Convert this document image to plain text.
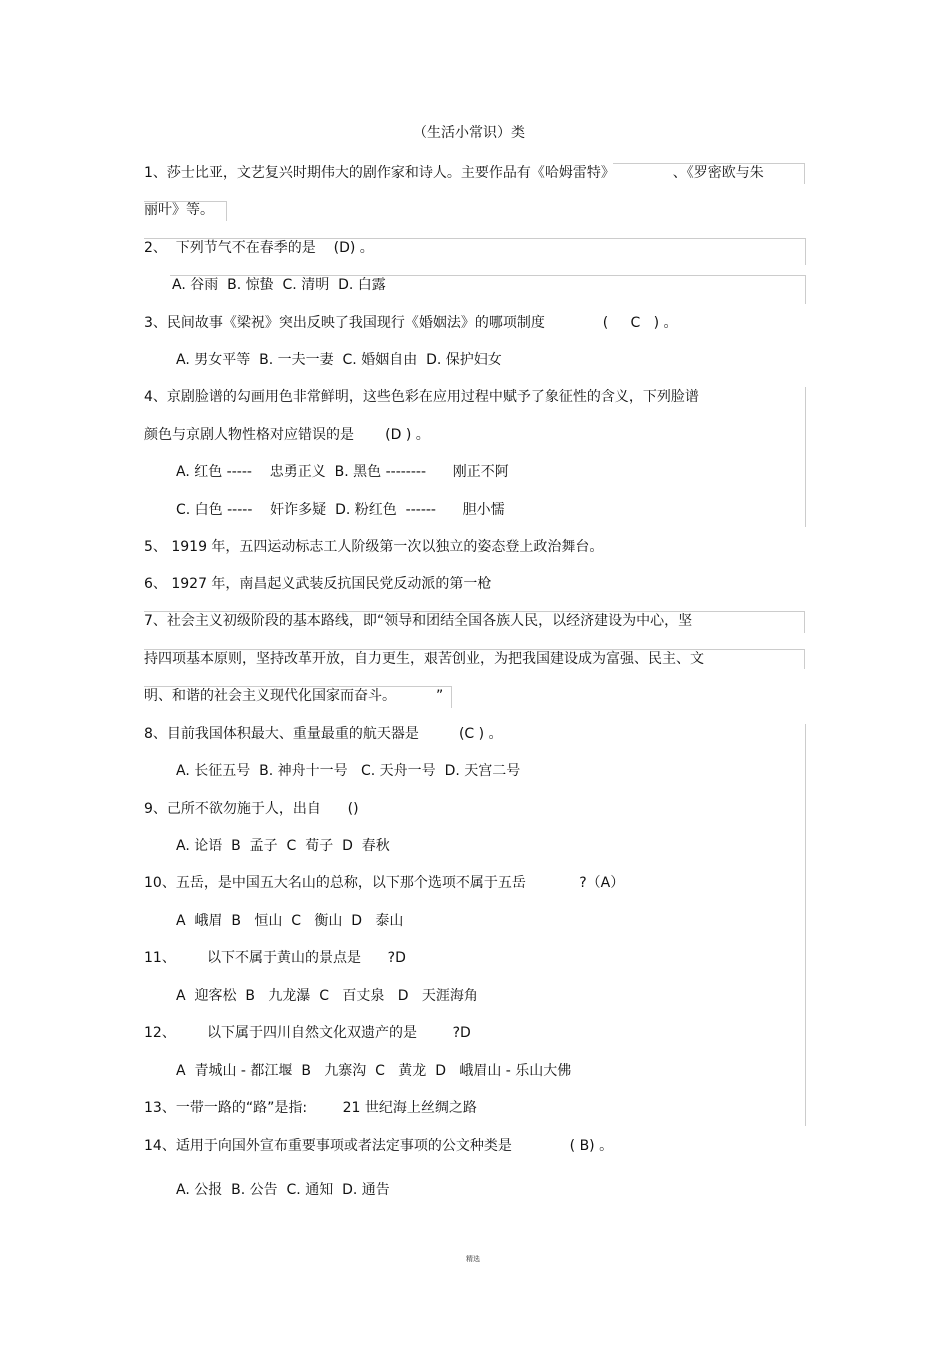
（生活小常识）类
1、莎士比亚，文艺复兴时期伟大的剧作家和诗人。主要作品有《哈姆雷特》             、《罗密欧与朱
丽叶》等。
2、  下列节气不在春季的是    (D) 。
A. 谷雨  B. 惊蛰  C. 清明  D. 白露
3、民间故事《梁祝》突出反映了我国现行《婚姻法》的哪项制度             (     C   ) 。
A. 男女平等  B. 一夫一妻  C. 婚姻自由  D. 保护妇女
4、京剧脸谱的勾画用色非常鲜明，这些色彩在应用过程中赋予了象征性的含义，下列脸谱
颜色与京剧人物性格对应错误的是       (D ) 。
A. 红色 -----    忠勇正义  B. 黑色 --------      刚正不阿
C. 白色 -----    奸诈多疑  D. 粉红色  ------      胆小懦
5、 1919 年，五四运动标志工人阶级第一次以独立的姿态登上政治舞台。
6、 1927 年，南昌起义武装反抗国民党反动派的第一枪
7、社会主义初级阶段的基本路线，即“领导和团结全国各族人民，以经济建设为中心，坚
持四项基本原则，坚持改革开放，自力更生，艰苦创业，为把我国建设成为富强、民主、文
明、和谐的社会主义现代化国家而奋斗。         ”
8、目前我国体积最大、重量最重的航天器是         (C ) 。
A. 长征五号  B. 神舟十一号   C. 天舟一号  D. 天宫二号
9、己所不欲勿施于人，出自      ()
A. 论语  B  孟子  C  荀子  D  春秋
10、五岳，是中国五大名山的总称，以下那个选项不属于五岳            ?（A）
A  峨眉  B   恒山  C   衡山  D   泰山
11、       以下不属于黄山的景点是      ?D
A  迎客松  B   九龙瀑  C   百丈泉   D   天涯海角
12、       以下属于四川自然文化双遗产的是        ?D
A  青城山 - 都江堰  B   九寨沟  C   黄龙  D   峨眉山 - 乐山大佛
13、一带一路的“路”是指:        21 世纪海上丝绸之路
14、适用于向国外宣布重要事项或者法定事项的公文种类是             ( B) 。
A. 公报  B. 公告  C. 通知  D. 通告
精选
